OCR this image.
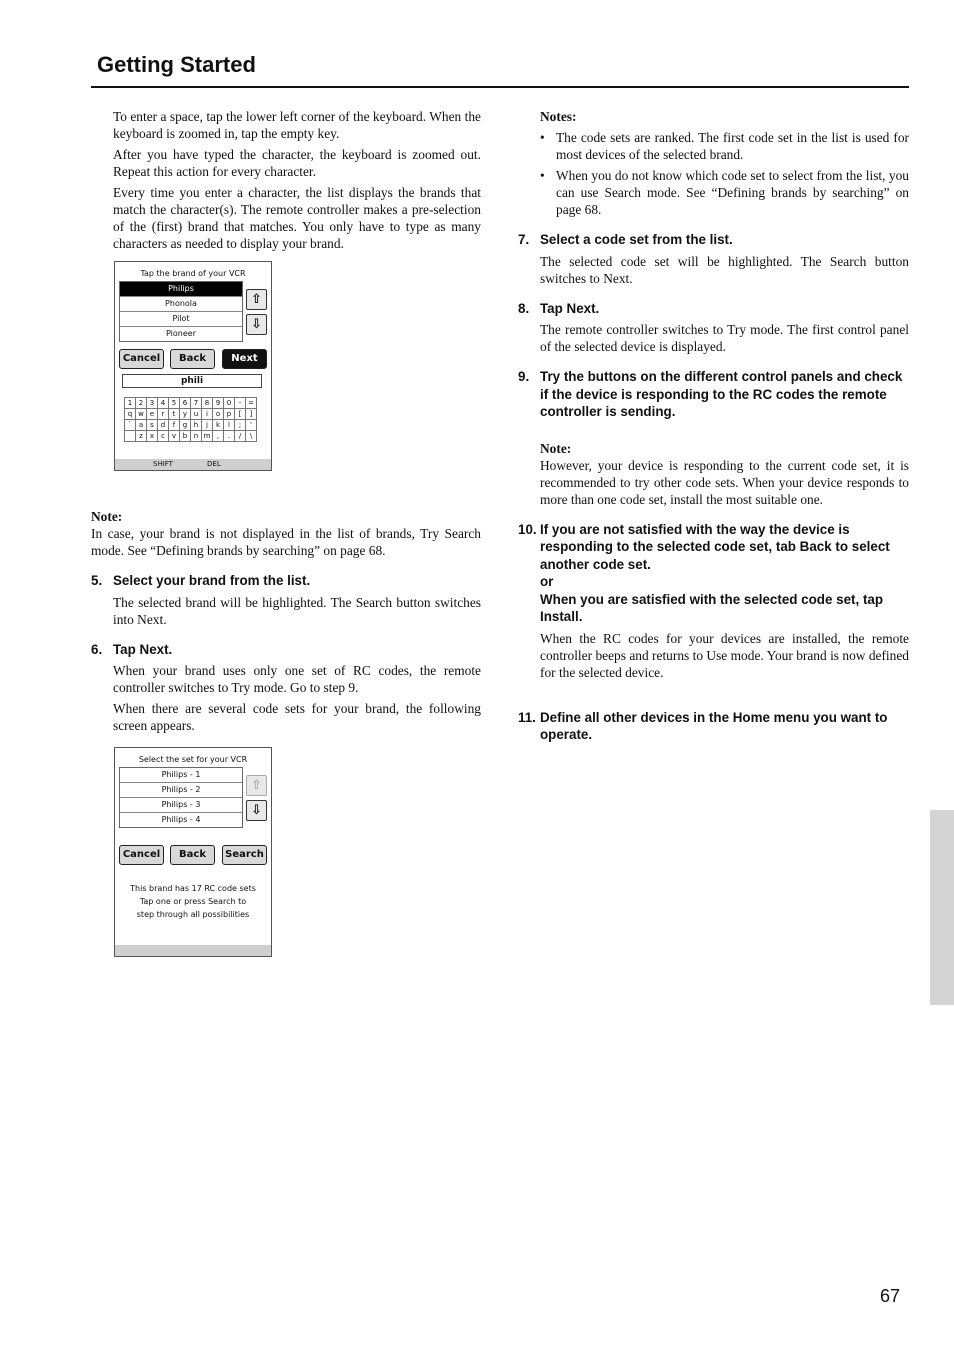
Getting Started

To enter a space, tap the lower left corner of the keyboard. When the keyboard is zoomed in, tap the empty key.

After you have typed the character, the keyboard is zoomed out. Repeat this action for every character.

Every time you enter a character, the list displays the brands that match the character(s). The remote controller makes a pre-selection of the (first) brand that matches. You only have to type as many characters as needed to display your brand.

Note:

In case, your brand is not displayed in the list of brands, Try Search mode. See “Defining brands by searching” on page 68.

5. Select your brand from the list.

The selected brand will be highlighted. The Search button switches into Next.

6. Tap Next.

When your brand uses only one set of RC codes, the remote controller switches to Try mode. Go to step 9.

When there are several code sets for your brand, the following screen appears.

Tap the brand of your VCR
Philips
Phonola
Pilot
Pioneer
⇧
⇩
Cancel	Back	Next
phili
1 2 3 4 5 6 7 8 9 0	- =
q w e	r	t	y u	i	o p	[	]
`	a	s d	f	g h	j	k	l	;	'
z	x c	v b n m ,	.	/	\
SHIFT	DEL
Select the set for your VCR
Philips - 1
Philips - 2
Philips - 3
Philips - 4
⇧
⇩
Cancel	Back	Search
This brand has 17 RC code sets
Tap one or press Search to
step through all possibilities

Notes:

• The code sets are ranked. The first code set in the list is used for most devices of the selected brand.
• When you do not know which code set to select from the list, you can use Search mode. See “Defining brands by searching” on page 68.
7. Select a code set from the list.

The selected code set will be highlighted. The Search button switches to Next.

8. Tap Next.

The remote controller switches to Try mode. The first control panel of the selected device is displayed.

9. Try the buttons on the different control panels and check if the device is responding to the RC codes the remote controller is sending.

Note:

However, your device is responding to the current code set, it is recommended to try other code sets. When your device responds to more than one code set, install the most suitable one.

10. If you are not satisfied with the way the device is responding to the selected code set, tab Back to select another code set.
or
When you are satisfied with the selected code set, tap Install.

When the RC codes for your devices are installed, the remote controller beeps and returns to Use mode. Your brand is now defined for the selected device.

11. Define all other devices in the Home menu you want to operate.
67
